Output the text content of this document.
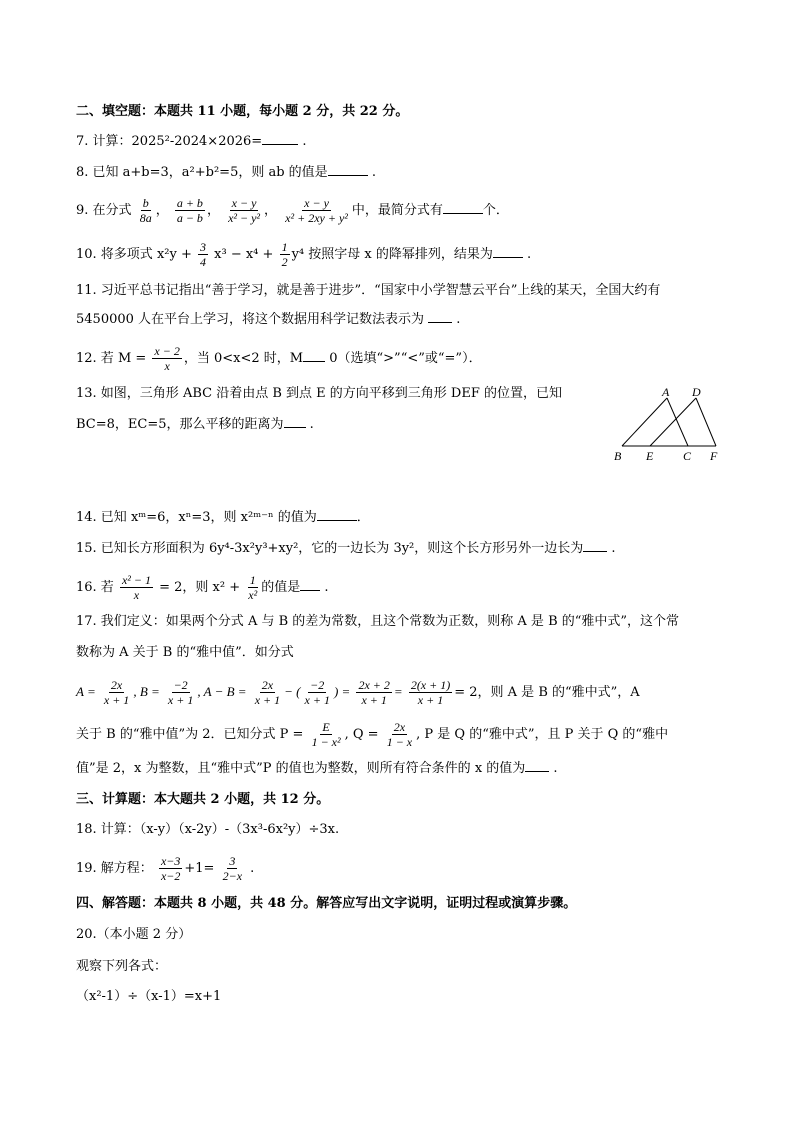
二、填空题：本题共 11 小题，每小题 2 分，共 22 分。
7. 计算：2025²-2024×2026=	.
8. 已知 a+b=3，a²+b²=5，则 ab 的值是	.
9. 在分式 $\frac{b}{8a}$ ， $\frac{a + b}{a - b}$ ， $\frac{x - y}{\text{x² − y²}}$ ， $\frac{x - y}{\text{x² + 2xy + y²}}$ 中，最简分式有	个．
10. 将多项式 $x^2y + \frac{3}{4} x^3 - x^4 + \frac{1}{2} y^4$ 按照字母 x 的降幂排列，结果为 .
11. 习近平总书记指出“善于学习，就是善于进步”．“国家中小学智慧云平台”上线的某天，全国大约有
5450000 人在平台上学习，将这个数据用科学记数法表示为  .
12. 若 $M = \frac{x - 2}{x}$ ，当 0<x<2 时，M 0（选填“>”“<”或“=”）．
13. 如图，三角形 ABC 沿着由点 B 到点 E 的方向平移到三角形 DEF 的位置，已知
BC=8，EC=5，那么平移的距离为 .
A D
B E C F
14. 已知 xᵐ=6，xⁿ=3，则 x²ᵐ⁻ⁿ 的值为	．
15. 已知长方形面积为 6y⁴-3x²y³+xy²，它的一边长为 3y²，则这个长方形另外一边长为 .
16. 若 $\frac{\text{x² − 1}}{x} = 2$，则 $x^2 + \frac{1}{\text{x²}}$ 的值是 .
17. 我们定义：如果两个分式 A 与 B 的差为常数，且这个常数为正数，则称 A 是 B 的“雅中式”，这个常
数称为 A 关于 B 的“雅中值”．如分式
$A = \frac{2x}{x + 1}$ , $B = \frac{-2}{x + 1}$ , $A - B = \frac{2x}{x + 1}$ − ( $\frac{-2}{x + 1}$ ) = $\frac{2x + 2}{x + 1} = \frac{2(x + 1)}{x + 1} = 2$，则 A 是 B 的“雅中式”，A
关于 B 的“雅中值”为 2．已知分式 $P = \frac{E}{\text{1 − x²}}$ , $Q = \frac{2x}{1 - x}$ , P 是 Q 的“雅中式”，且 P 关于 Q 的“雅中
值”是 2，x 为整数，且“雅中式”P 的值也为整数，则所有符合条件的 x 的值为 .
三、计算题：本大题共 2 小题，共 12 分。
18. 计算：（x-y）（x-2y）-（3x³-6x²y）÷3x.
19. 解方程： $\frac{x-3}{x-2} +1= \frac{3}{2-x}$ .
四、解答题：本题共 8 小题，共 48 分。解答应写出文字说明，证明过程或演算步骤。
20.（本小题 2 分）
观察下列各式：
（x²-1）÷（x-1）=x+1
